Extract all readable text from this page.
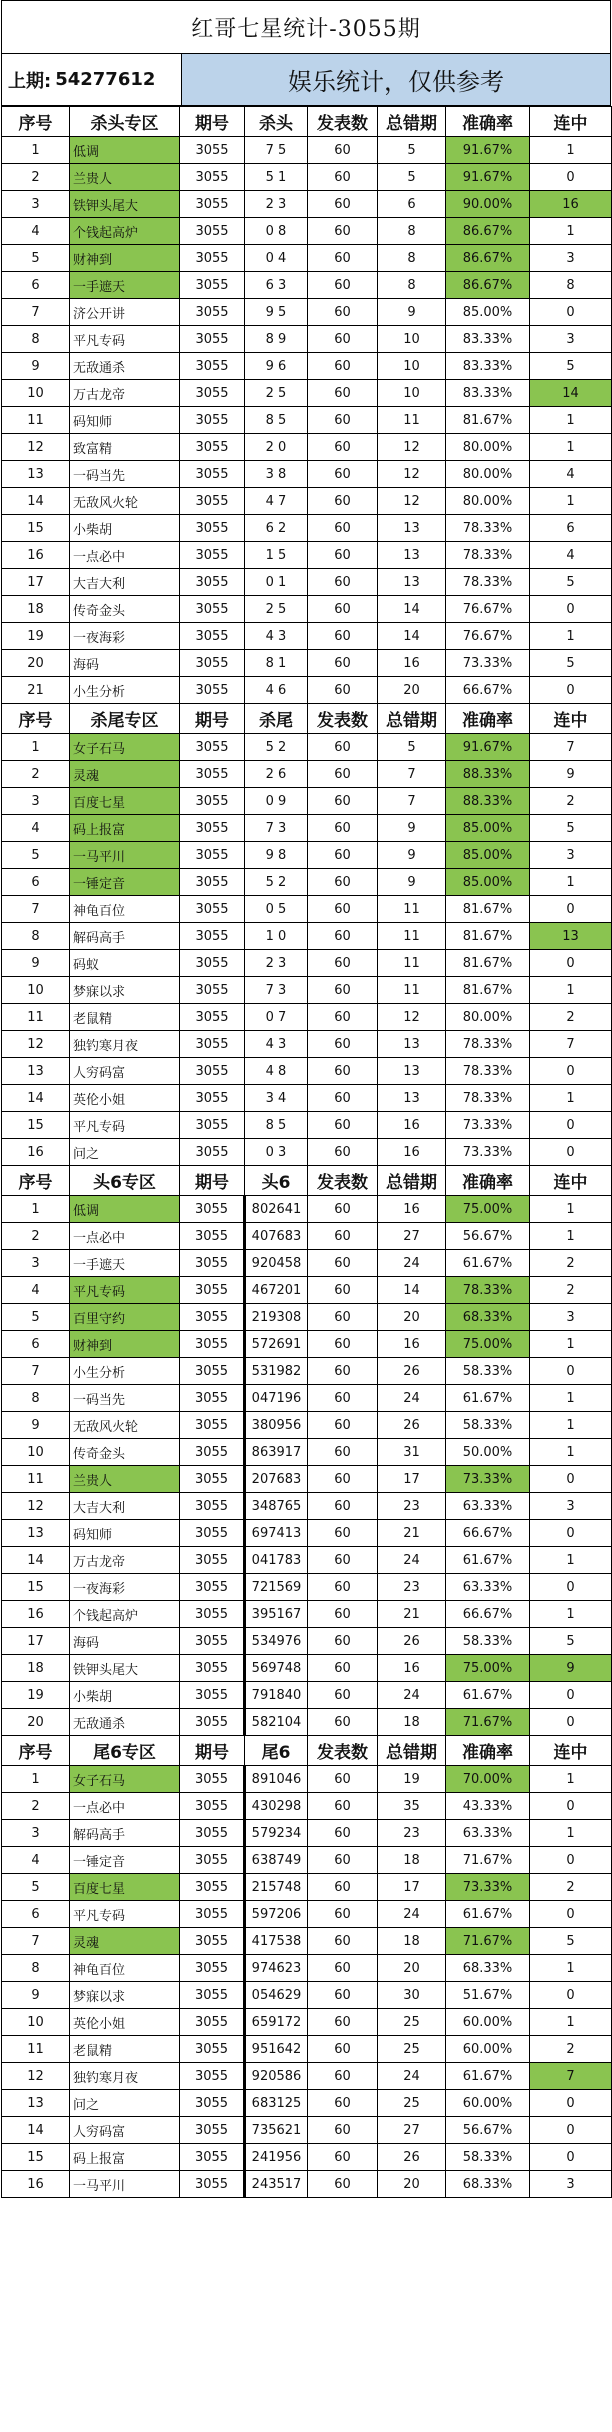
红哥七星统计-3055期
上期: 54277612	娱乐统计，仅供参考
序号	杀头专区	期号	杀头	发表数	总错期	准确率	连中
1	低调	3055	7 5	60	5	91.67%	1
2	兰贵人	3055	5 1	60	5	91.67%	0
3	铁钾头尾大	3055	2 3	60	6	90.00%	16
4	个钱起高炉	3055	0 8	60	8	86.67%	1
5	财神到	3055	0 4	60	8	86.67%	3
6	一手遮天	3055	6 3	60	8	86.67%	8
7	济公开讲	3055	9 5	60	9	85.00%	0
8	平凡专码	3055	8 9	60	10	83.33%	3
9	无敌通杀	3055	9 6	60	10	83.33%	5
10	万古龙帝	3055	2 5	60	10	83.33%	14
11	码知师	3055	8 5	60	11	81.67%	1
12	致富精	3055	2 0	60	12	80.00%	1
13	一码当先	3055	3 8	60	12	80.00%	4
14	无敌风火轮	3055	4 7	60	12	80.00%	1
15	小柴胡	3055	6 2	60	13	78.33%	6
16	一点必中	3055	1 5	60	13	78.33%	4
17	大吉大利	3055	0 1	60	13	78.33%	5
18	传奇金头	3055	2 5	60	14	76.67%	0
19	一夜海彩	3055	4 3	60	14	76.67%	1
20	海码	3055	8 1	60	16	73.33%	5
21	小生分析	3055	4 6	60	20	66.67%	0
序号	杀尾专区	期号	杀尾	发表数	总错期	准确率	连中
1	女子石马	3055	5 2	60	5	91.67%	7
2	灵魂	3055	2 6	60	7	88.33%	9
3	百度七星	3055	0 9	60	7	88.33%	2
4	码上报富	3055	7 3	60	9	85.00%	5
5	一马平川	3055	9 8	60	9	85.00%	3
6	一锤定音	3055	5 2	60	9	85.00%	1
7	神龟百位	3055	0 5	60	11	81.67%	0
8	解码高手	3055	1 0	60	11	81.67%	13
9	码蚁	3055	2 3	60	11	81.67%	0
10	梦寐以求	3055	7 3	60	11	81.67%	1
11	老鼠精	3055	0 7	60	12	80.00%	2
12	独钓寒月夜	3055	4 3	60	13	78.33%	7
13	人穷码富	3055	4 8	60	13	78.33%	0
14	英伦小姐	3055	3 4	60	13	78.33%	1
15	平凡专码	3055	8 5	60	16	73.33%	0
16	问之	3055	0 3	60	16	73.33%	0
序号	头6专区	期号	头6	发表数	总错期	准确率	连中
1	低调	3055	802641	60	16	75.00%	1
2	一点必中	3055	407683	60	27	56.67%	1
3	一手遮天	3055	920458	60	24	61.67%	2
4	平凡专码	3055	467201	60	14	78.33%	2
5	百里守约	3055	219308	60	20	68.33%	3
6	财神到	3055	572691	60	16	75.00%	1
7	小生分析	3055	531982	60	26	58.33%	0
8	一码当先	3055	047196	60	24	61.67%	1
9	无敌风火轮	3055	380956	60	26	58.33%	1
10	传奇金头	3055	863917	60	31	50.00%	1
11	兰贵人	3055	207683	60	17	73.33%	0
12	大吉大利	3055	348765	60	23	63.33%	3
13	码知师	3055	697413	60	21	66.67%	0
14	万古龙帝	3055	041783	60	24	61.67%	1
15	一夜海彩	3055	721569	60	23	63.33%	0
16	个钱起高炉	3055	395167	60	21	66.67%	1
17	海码	3055	534976	60	26	58.33%	5
18	铁钾头尾大	3055	569748	60	16	75.00%	9
19	小柴胡	3055	791840	60	24	61.67%	0
20	无敌通杀	3055	582104	60	18	71.67%	0
序号	尾6专区	期号	尾6	发表数	总错期	准确率	连中
1	女子石马	3055	891046	60	19	70.00%	1
2	一点必中	3055	430298	60	35	43.33%	0
3	解码高手	3055	579234	60	23	63.33%	1
4	一锤定音	3055	638749	60	18	71.67%	0
5	百度七星	3055	215748	60	17	73.33%	2
6	平凡专码	3055	597206	60	24	61.67%	0
7	灵魂	3055	417538	60	18	71.67%	5
8	神龟百位	3055	974623	60	20	68.33%	1
9	梦寐以求	3055	054629	60	30	51.67%	0
10	英伦小姐	3055	659172	60	25	60.00%	1
11	老鼠精	3055	951642	60	25	60.00%	2
12	独钓寒月夜	3055	920586	60	24	61.67%	7
13	问之	3055	683125	60	25	60.00%	0
14	人穷码富	3055	735621	60	27	56.67%	0
15	码上报富	3055	241956	60	26	58.33%	0
16	一马平川	3055	243517	60	20	68.33%	3
